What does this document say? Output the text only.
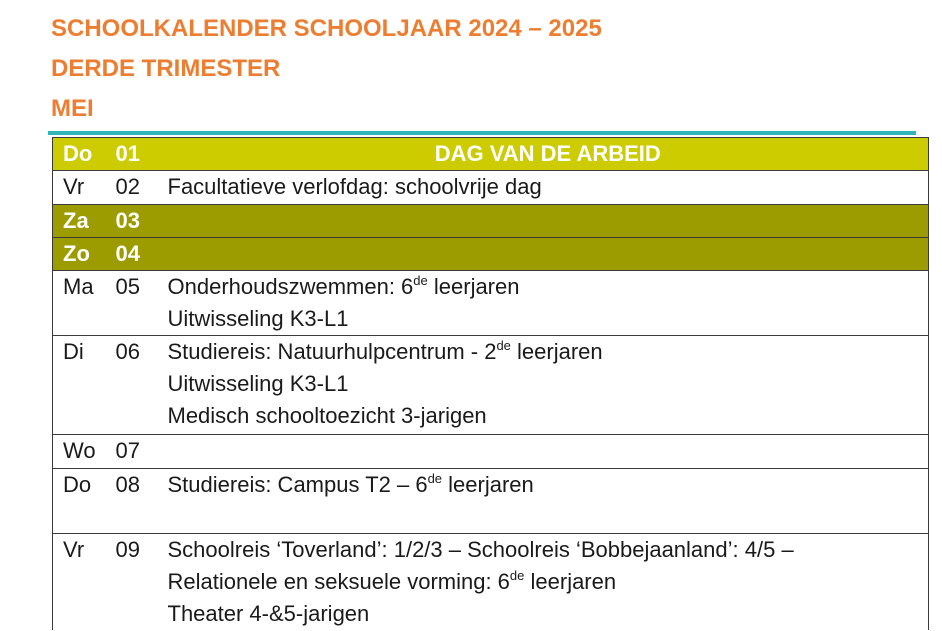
SCHOOLKALENDER SCHOOLJAAR 2024 – 2025
DERDE TRIMESTER
MEI
Do	01	DAG VAN DE ARBEID

Vr	02	Facultatieve verlofdag: schoolvrije dag

Za	03	
Zo	04	
Ma	05	Onderhoudszwemmen: 6de leerjaren
Uitwisseling K3-L1

Di	06	Studiereis: Natuurhulpcentrum - 2de leerjaren
Uitwisseling K3-L1
Medisch schooltoezicht 3-jarigen

Wo	07	
Do	08	Studiereis: Campus T2 – 6de leerjaren

Vr	09	Schoolreis ‘Toverland’: 1/2/3 – Schoolreis ‘Bobbejaanland’: 4/5 –
Relationele en seksuele vorming: 6de leerjaren
Theater 4-&5-jarigen
